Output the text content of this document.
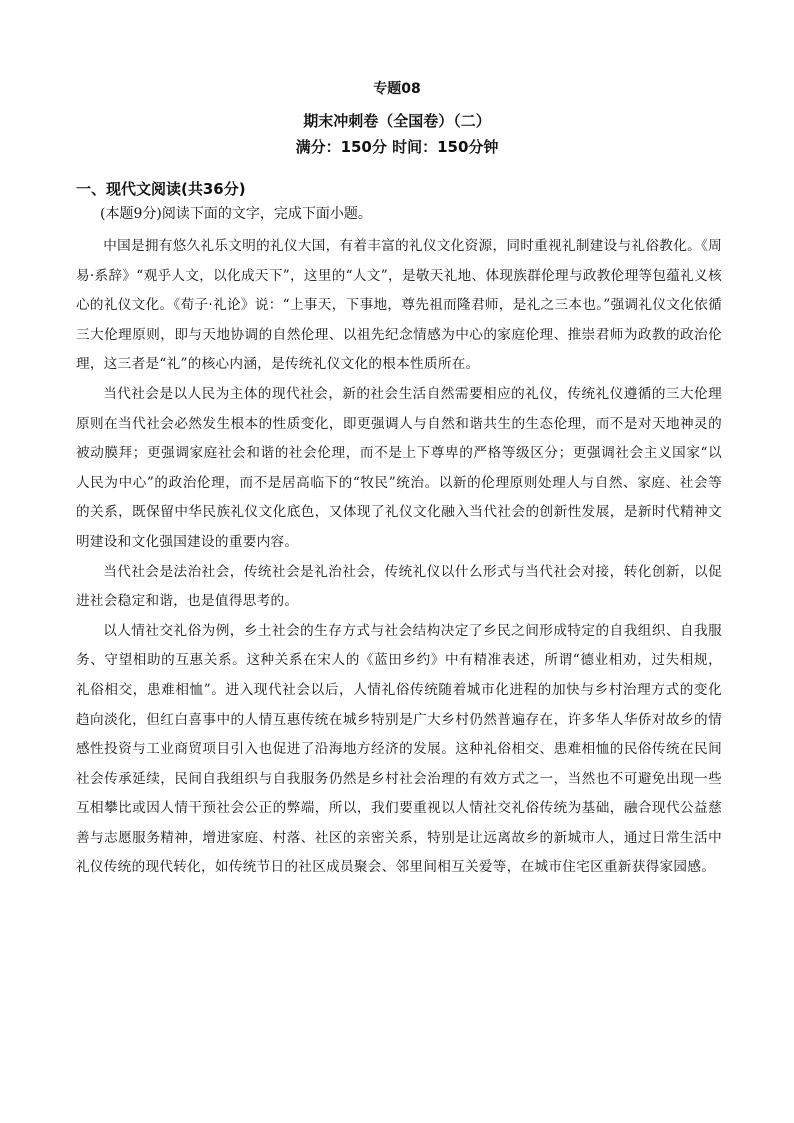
专题08
期末冲刺卷（全国卷）（二）
满分：150分 时间：150分钟
一、现代文阅读(共36分)
(本题9分)阅读下面的文字，完成下面小题。

中国是拥有悠久礼乐文明的礼仪大国，有着丰富的礼仪文化资源，同时重视礼制建设与礼俗教化。《周易·系辞》“观乎人文，以化成天下”，这里的“人文”，是敬天礼地、体现族群伦理与政教伦理等包蕴礼义核心的礼仪文化。《荀子·礼论》说：“上事天，下事地，尊先祖而隆君师，是礼之三本也。”强调礼仪文化依循三大伦理原则，即与天地协调的自然伦理、以祖先纪念情感为中心的家庭伦理、推崇君师为政教的政治伦理，这三者是“礼”的核心内涵，是传统礼仪文化的根本性质所在。

当代社会是以人民为主体的现代社会，新的社会生活自然需要相应的礼仪，传统礼仪遵循的三大伦理原则在当代社会必然发生根本的性质变化，即更强调人与自然和谐共生的生态伦理，而不是对天地神灵的被动膜拜；更强调家庭社会和谐的社会伦理，而不是上下尊卑的严格等级区分；更强调社会主义国家“以人民为中心”的政治伦理，而不是居高临下的“牧民”统治。以新的伦理原则处理人与自然、家庭、社会等的关系，既保留中华民族礼仪文化底色，又体现了礼仪文化融入当代社会的创新性发展，是新时代精神文明建设和文化强国建设的重要内容。

当代社会是法治社会，传统社会是礼治社会，传统礼仪以什么形式与当代社会对接，转化创新，以促进社会稳定和谐，也是值得思考的。

以人情社交礼俗为例，乡土社会的生存方式与社会结构决定了乡民之间形成特定的自我组织、自我服务、守望相助的互惠关系。这种关系在宋人的《蓝田乡约》中有精准表述，所谓“德业相劝，过失相规，礼俗相交，患难相恤”。进入现代社会以后，人情礼俗传统随着城市化进程的加快与乡村治理方式的变化趋向淡化，但红白喜事中的人情互惠传统在城乡特别是广大乡村仍然普遍存在，许多华人华侨对故乡的情感性投资与工业商贸项目引入也促进了沿海地方经济的发展。这种礼俗相交、患难相恤的民俗传统在民间社会传承延续，民间自我组织与自我服务仍然是乡村社会治理的有效方式之一，当然也不可避免出现一些互相攀比或因人情干预社会公正的弊端，所以，我们要重视以人情社交礼俗传统为基础，融合现代公益慈善与志愿服务精神，增进家庭、村落、社区的亲密关系，特别是让远离故乡的新城市人，通过日常生活中礼仪传统的现代转化，如传统节日的社区成员聚会、邻里间相互关爱等，在城市住宅区重新获得家园感。
